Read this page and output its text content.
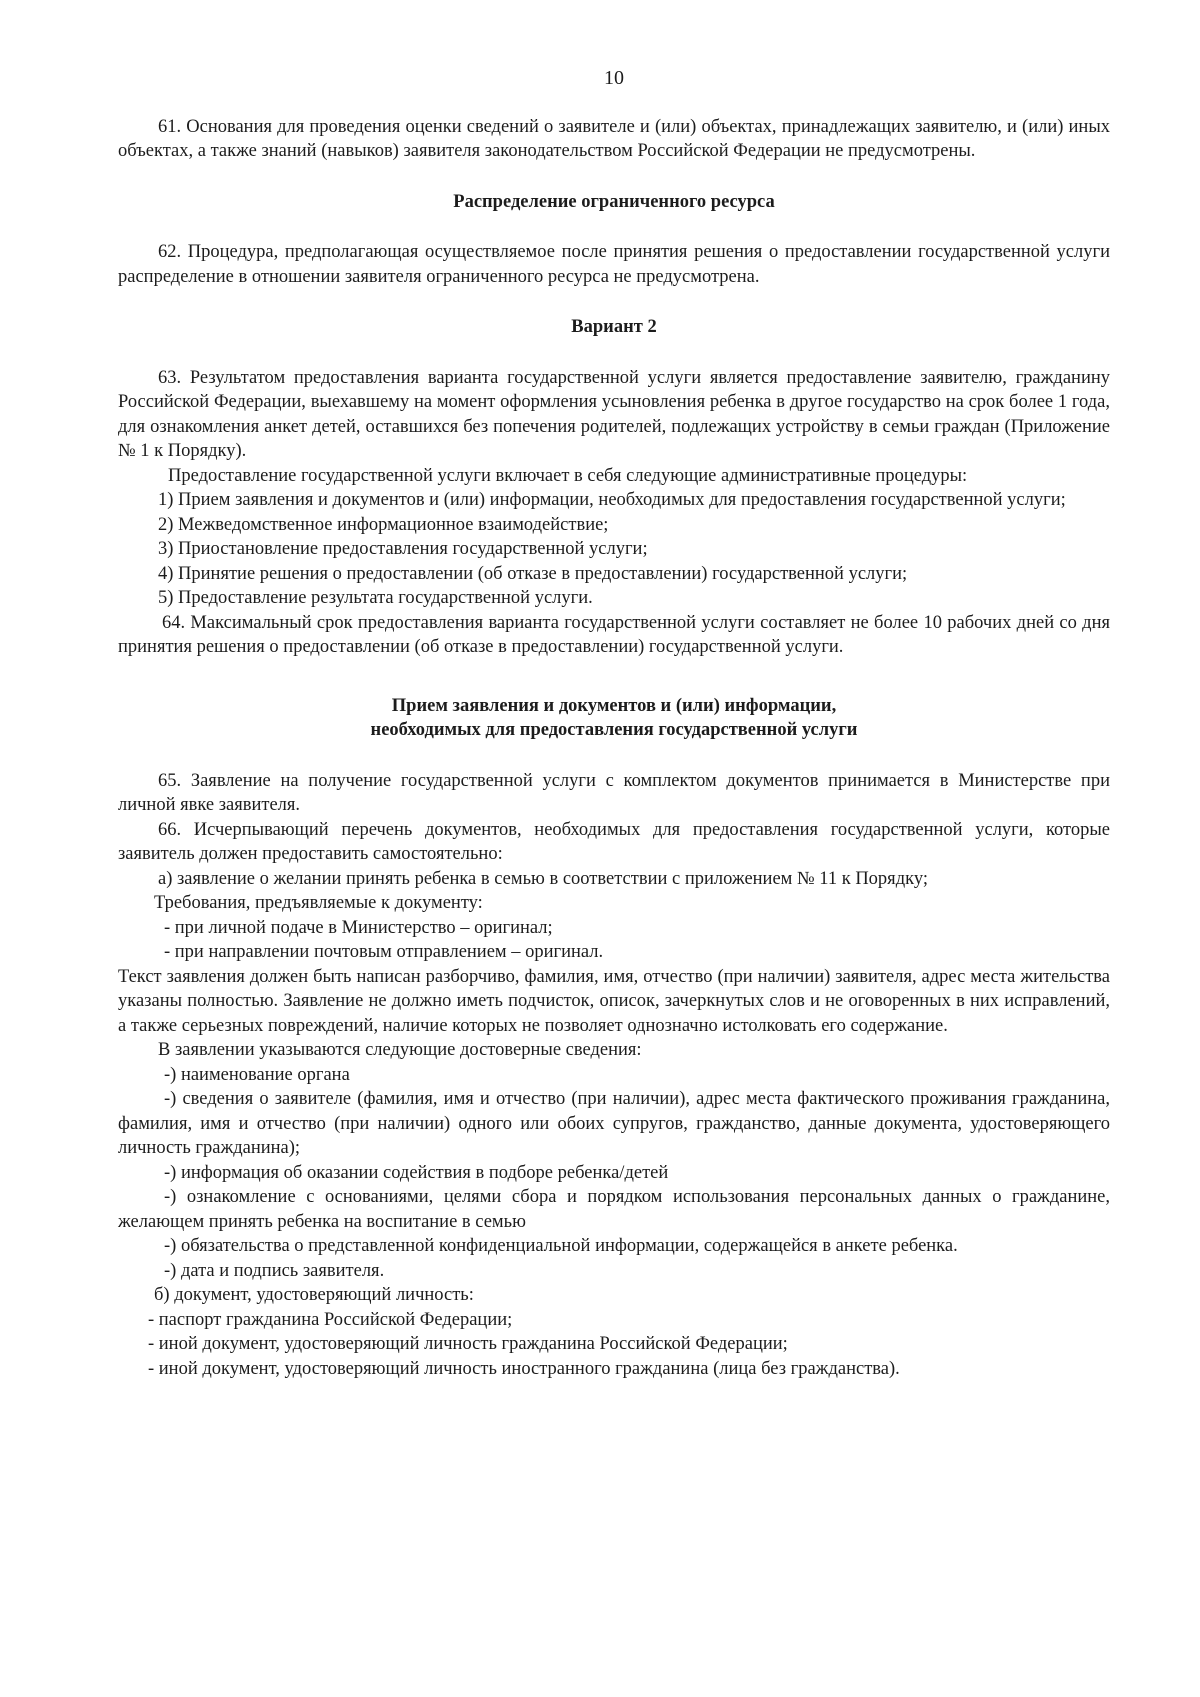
10

61. Основания для проведения оценки сведений о заявителе и (или) объектах, принадлежащих заявителю, и (или) иных объектах, а также знаний (навыков) заявителя законодательством Российской Федерации не предусмотрены.

Распределение ограниченного ресурса

62. Процедура, предполагающая осуществляемое после принятия решения о предоставлении государственной услуги распределение в отношении заявителя ограниченного ресурса не предусмотрена.

Вариант 2

63. Результатом предоставления варианта государственной услуги является предоставление заявителю, гражданину Российской Федерации, выехавшему на момент оформления усыновления ребенка в другое государство на срок более 1 года, для ознакомления анкет детей, оставшихся без попечения родителей, подлежащих устройству в семьи граждан (Приложение № 1 к Порядку).

Предоставление государственной услуги включает в себя следующие административные процедуры:

1) Прием заявления и документов и (или) информации, необходимых для предоставления государственной услуги;

2) Межведомственное информационное взаимодействие;

3) Приостановление предоставления государственной услуги;

4) Принятие решения о предоставлении (об отказе в предоставлении) государственной услуги;

5) Предоставление результата государственной услуги.

64. Максимальный срок предоставления варианта государственной услуги составляет не более 10 рабочих дней со дня принятия решения о предоставлении (об отказе в предоставлении) государственной услуги.

Прием заявления и документов и (или) информации,
необходимых для предоставления государственной услуги

65. Заявление на получение государственной услуги с комплектом документов принимается в Министерстве при личной явке заявителя.

66. Исчерпывающий перечень документов, необходимых для предоставления государственной услуги, которые заявитель должен предоставить самостоятельно:

а) заявление о желании принять ребенка в семью в соответствии с приложением № 11 к Порядку;

Требования, предъявляемые к документу:

- при личной подаче в Министерство – оригинал;

- при направлении почтовым отправлением – оригинал.

Текст заявления должен быть написан разборчиво, фамилия, имя, отчество (при наличии) заявителя, адрес места жительства указаны полностью. Заявление не должно иметь подчисток, описок, зачеркнутых слов и не оговоренных в них исправлений, а также серьезных повреждений, наличие которых не позволяет однозначно истолковать его содержание.

В заявлении указываются следующие достоверные сведения:

-) наименование органа

-) сведения о заявителе (фамилия, имя и отчество (при наличии), адрес места фактического проживания гражданина, фамилия, имя и отчество (при наличии) одного или обоих супругов, гражданство, данные документа, удостоверяющего личность гражданина);

-) информация об оказании содействия в подборе ребенка/детей

-) ознакомление с основаниями, целями сбора и порядком использования персональных данных о гражданине, желающем принять ребенка на воспитание в семью

-) обязательства о представленной конфиденциальной информации, содержащейся в анкете ребенка.

-) дата и подпись заявителя.

б) документ, удостоверяющий личность:

- паспорт гражданина Российской Федерации;

- иной документ, удостоверяющий личность гражданина Российской Федерации;

- иной документ, удостоверяющий личность иностранного гражданина (лица без гражданства).
